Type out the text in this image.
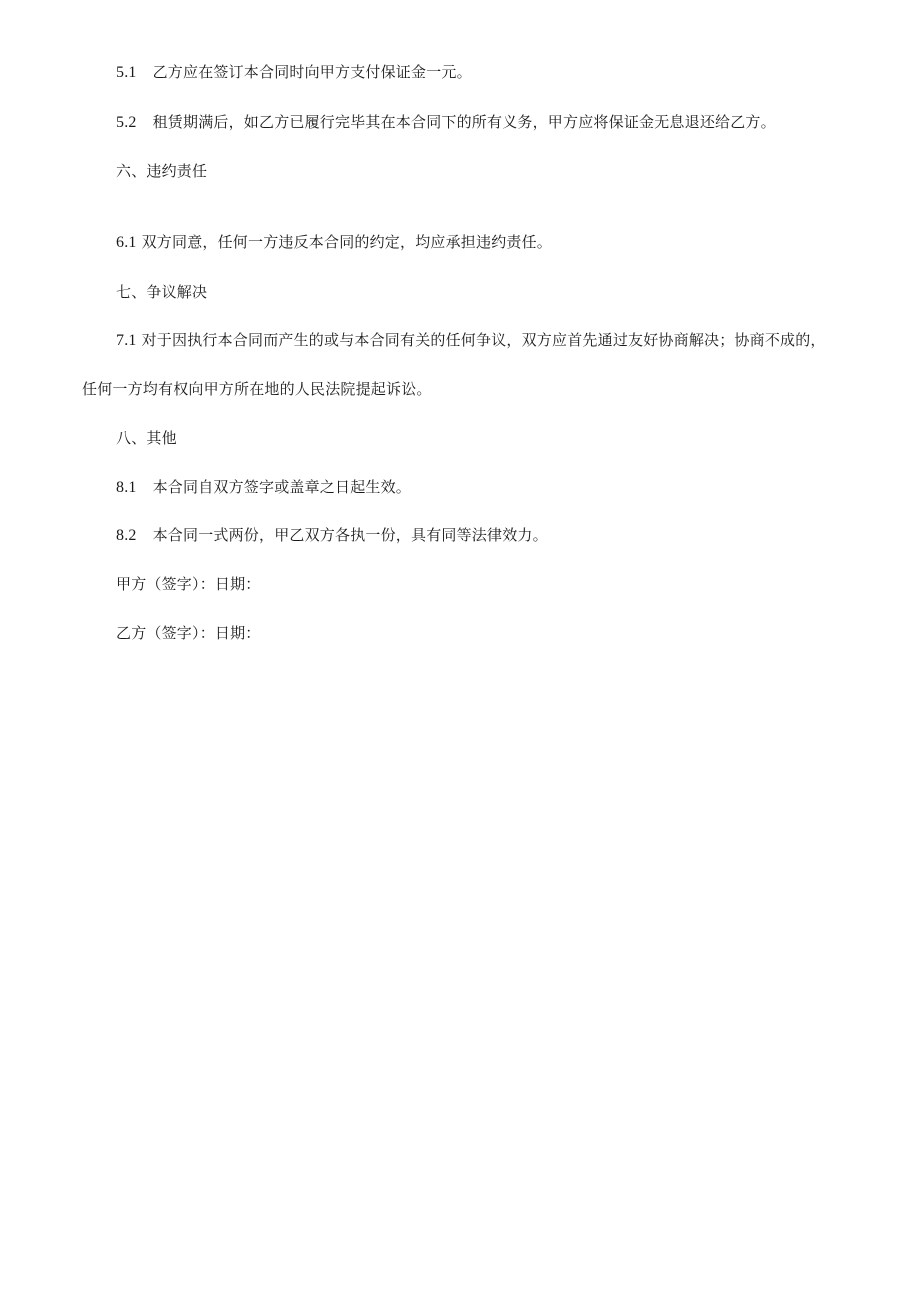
5.1 乙方应在签订本合同时向甲方支付保证金一元。
5.2 租赁期满后，如乙方已履行完毕其在本合同下的所有义务，甲方应将保证金无息退还给乙方。
六、违约责任
6.1 双方同意，任何一方违反本合同的约定，均应承担违约责任。
七、争议解决
7.1 对于因执行本合同而产生的或与本合同有关的任何争议，双方应首先通过友好协商解决；协商不成的，
任何一方均有权向甲方所在地的人民法院提起诉讼。
八、其他
8.1 本合同自双方签字或盖章之日起生效。
8.2 本合同一式两份，甲乙双方各执一份，具有同等法律效力。
甲方（签字）：日期：
乙方（签字）：日期：
